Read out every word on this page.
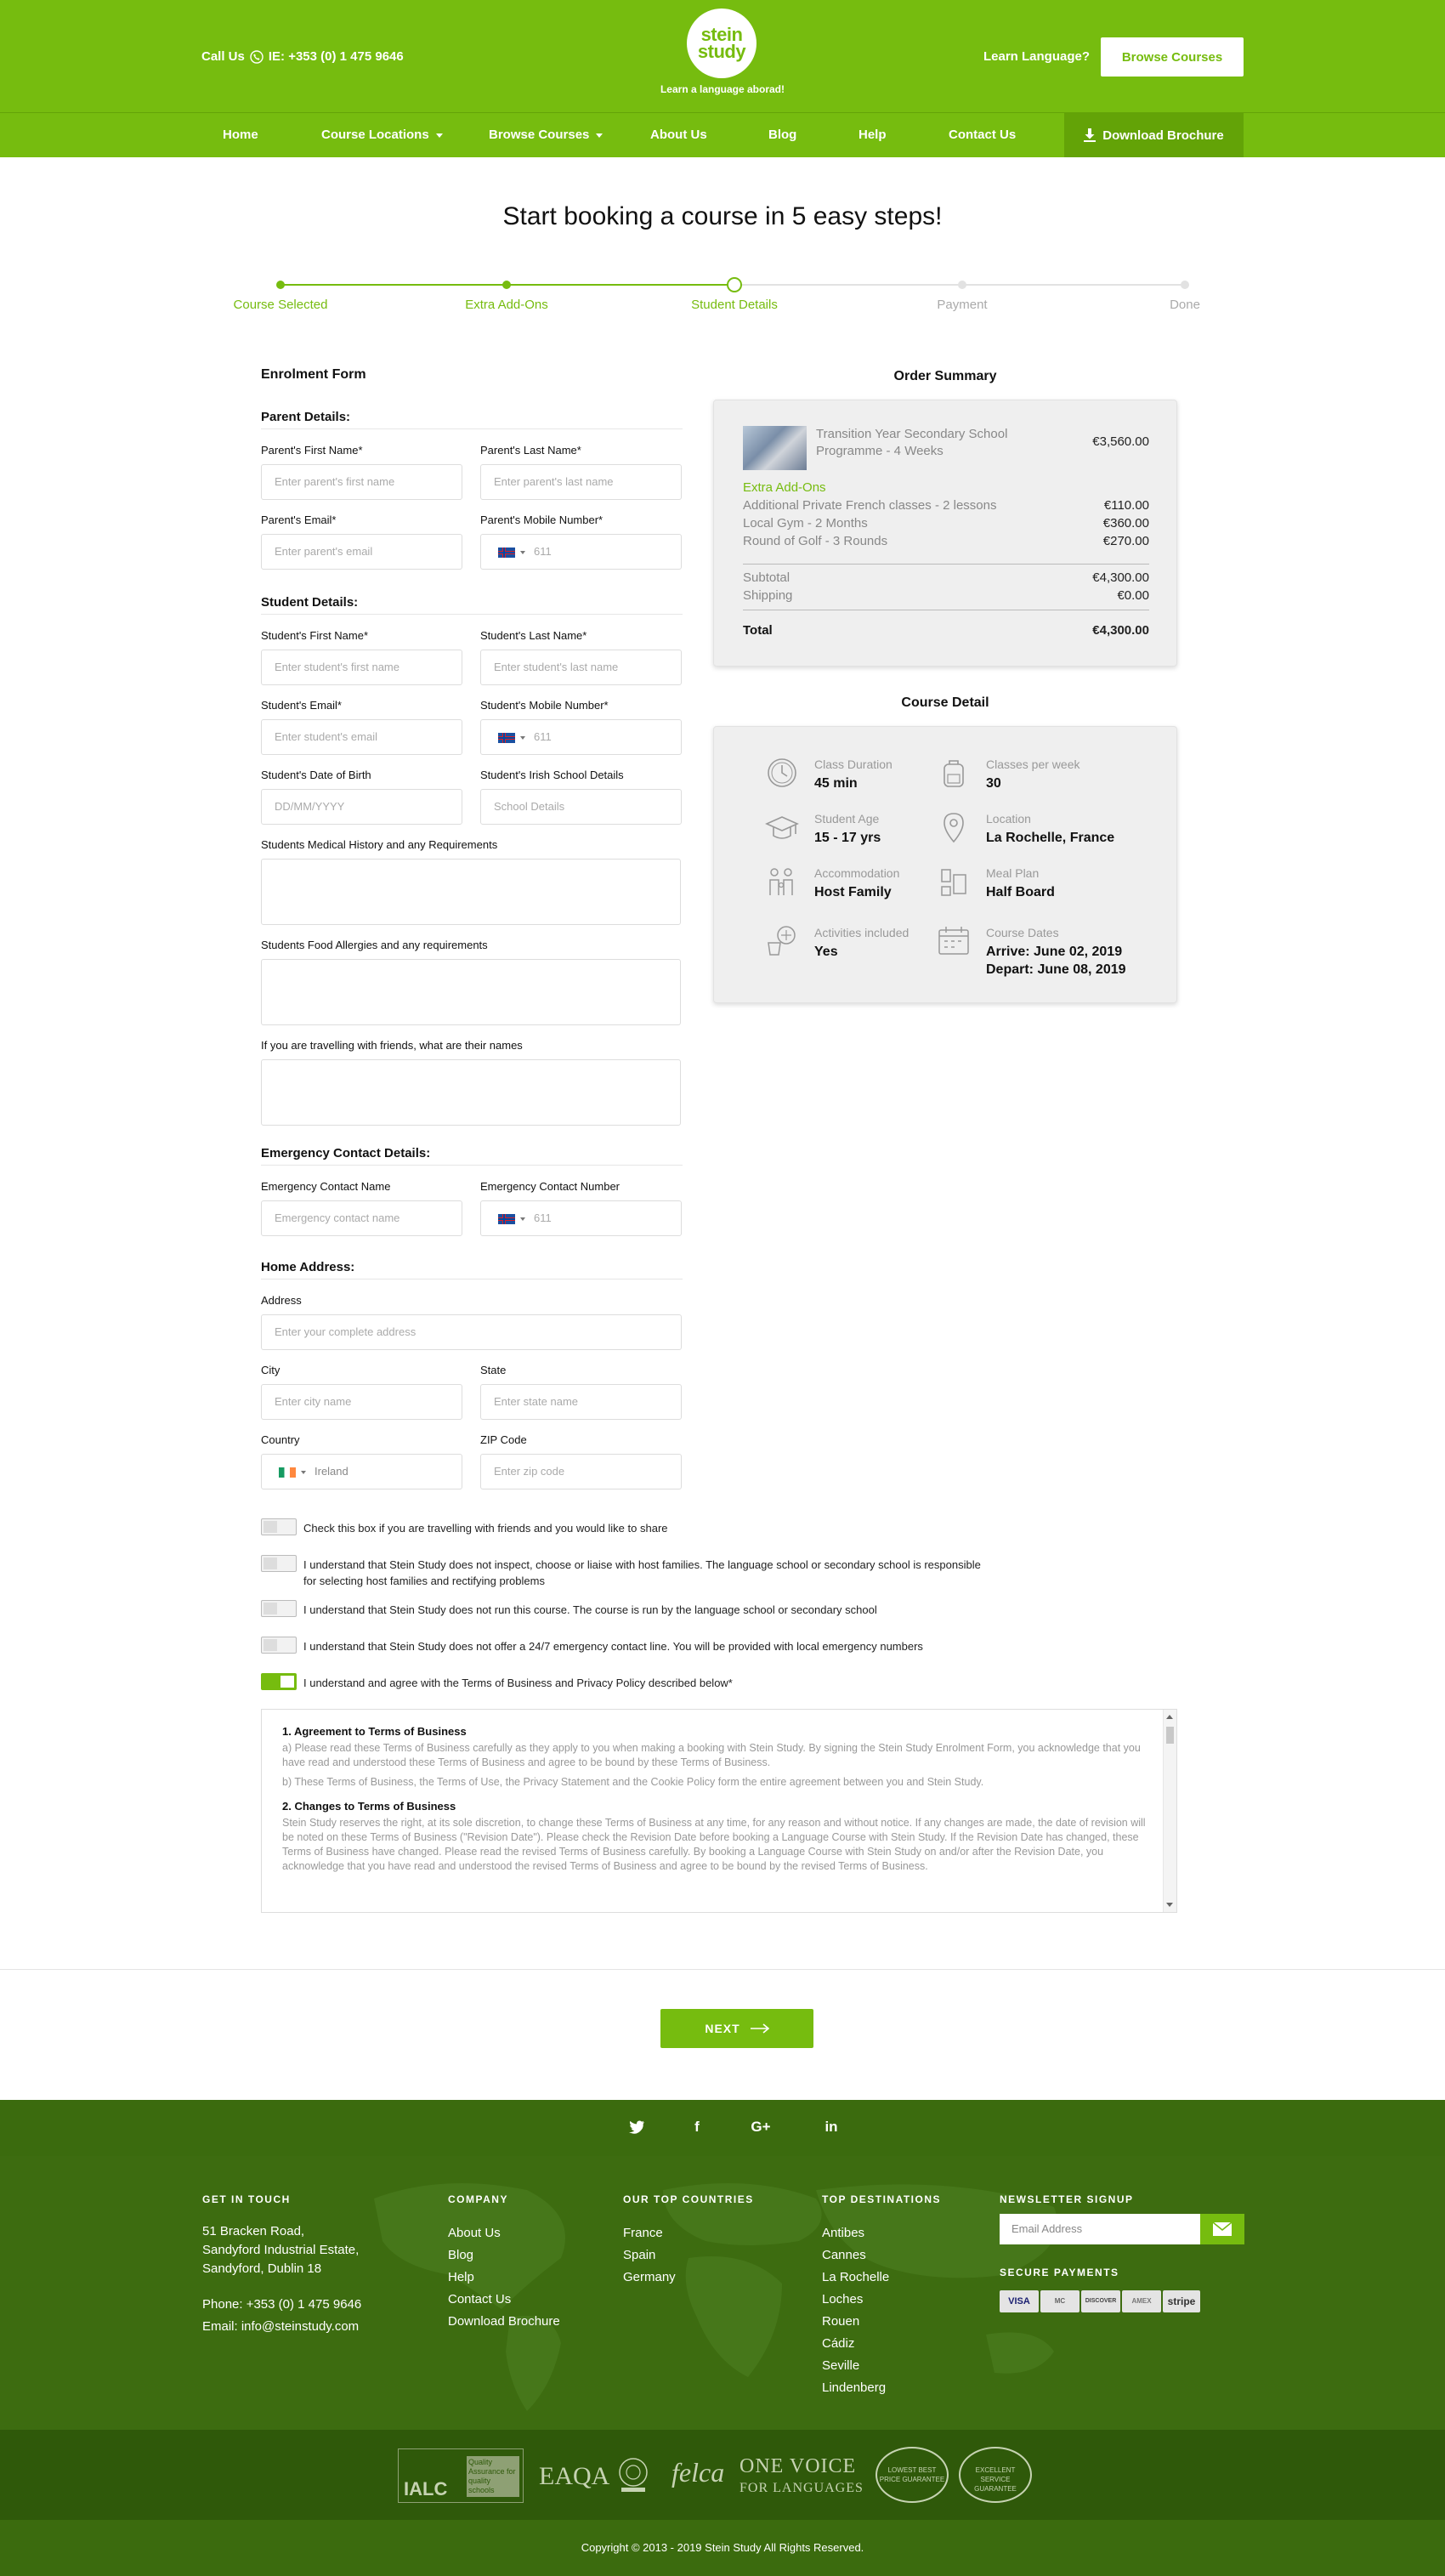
Call Us IE: +353 (0) 1 475 9646
stein
study
Learn a language aborad!
Learn Language?	Browse Courses
Home	Course Locations	Browse Courses	About Us	Blog	Help	Contact Us	Download Brochure
Start booking a course in 5 easy steps!
Course Selected	Extra Add-Ons	Student Details	Payment	Done
Enrolment Form
Parent Details:
Parent's First Name*	Parent's Last Name*
Enter parent's first name	Enter parent's last name
Parent's Email*	Parent's Mobile Number*
Enter parent's email	611
Student Details:
Student's First Name*	Student's Last Name*
Enter student's first name	Enter student's last name
Student's Email*	Student's Mobile Number*
Enter student's email	611
Student's Date of Birth	Student's Irish School Details
DD/MM/YYYY	School Details
Students Medical History and any Requirements
Students Food Allergies and any requirements
If you are travelling with friends, what are their names
Emergency Contact Details:
Emergency Contact Name	Emergency Contact Number
Emergency contact name	611
Home Address:
Address
Enter your complete address
City	State
Enter city name	Enter state name
Country	ZIP Code
Ireland	Enter zip code
Check this box if you are travelling with friends and you would like to share
I understand that Stein Study does not inspect, choose or liaise with host families. The language school or secondary school is responsible for selecting host families and rectifying problems
I understand that Stein Study does not run this course. The course is run by the language school or secondary school
I understand that Stein Study does not offer a 24/7 emergency contact line. You will be provided with local emergency numbers
I understand and agree with the Terms of Business and Privacy Policy described below*
1. Agreement to Terms of Business

a) Please read these Terms of Business carefully as they apply to you when making a booking with Stein Study. By signing the Stein Study Enrolment Form, you acknowledge that you have read and understood these Terms of Business and agree to be bound by these Terms of Business.

b) These Terms of Business, the Terms of Use, the Privacy Statement and the Cookie Policy form the entire agreement between you and Stein Study.

2. Changes to Terms of Business

Stein Study reserves the right, at its sole discretion, to change these Terms of Business at any time, for any reason and without notice. If any changes are made, the date of revision will be noted on these Terms of Business ("Revision Date"). Please check the Revision Date before booking a Language Course with Stein Study. If the Revision Date has changed, these Terms of Business have changed. Please read the revised Terms of Business carefully. By booking a Language Course with Stein Study on and/or after the Revision Date, you acknowledge that you have read and understood the revised Terms of Business and agree to be bound by the revised Terms of Business.

Order Summary
Transition Year Secondary School Programme - 4 Weeks
€3,560.00
Extra Add-Ons
Additional Private French classes - 2 lessons	€110.00
Local Gym - 2 Months	€360.00
Round of Golf - 3 Rounds	€270.00
Subtotal	€4,300.00
Shipping	€0.00
Total	€4,300.00
Course Detail
Class Duration
45 min
Classes per week
30
Student Age
15 - 17 yrs
Location
La Rochelle, France
Accommodation
Host Family
Meal Plan
Half Board
Activities included
Yes
Course Dates
Arrive: June 02, 2019
Depart: June 08, 2019
NEXT
f	G+	in
GET IN TOUCH
51 Bracken Road,
Sandyford Industrial Estate,
Sandyford, Dublin 18
Phone: +353 (0) 1 475 9646
Email: info@steinstudy.com
COMPANY
About Us
Blog
Help
Contact Us
Download Brochure
OUR TOP COUNTRIES
France
Spain
Germany
TOP DESTINATIONS
Antibes
Cannes
La Rochelle
Loches
Rouen
Cádiz
Seville
Lindenberg
NEWSLETTER SIGNUP
Email Address
SECURE PAYMENTS
VISA	MC	DISCOVER	AMEX	stripe
IALC
Quality Assurance for quality schools	EAQA felca ONE VOICE
FOR LANGUAGES
LOWEST BEST PRICE GUARANTEE
EXCELLENT SERVICE GUARANTEE
Copyright © 2013 - 2019 Stein Study All Rights Reserved.
